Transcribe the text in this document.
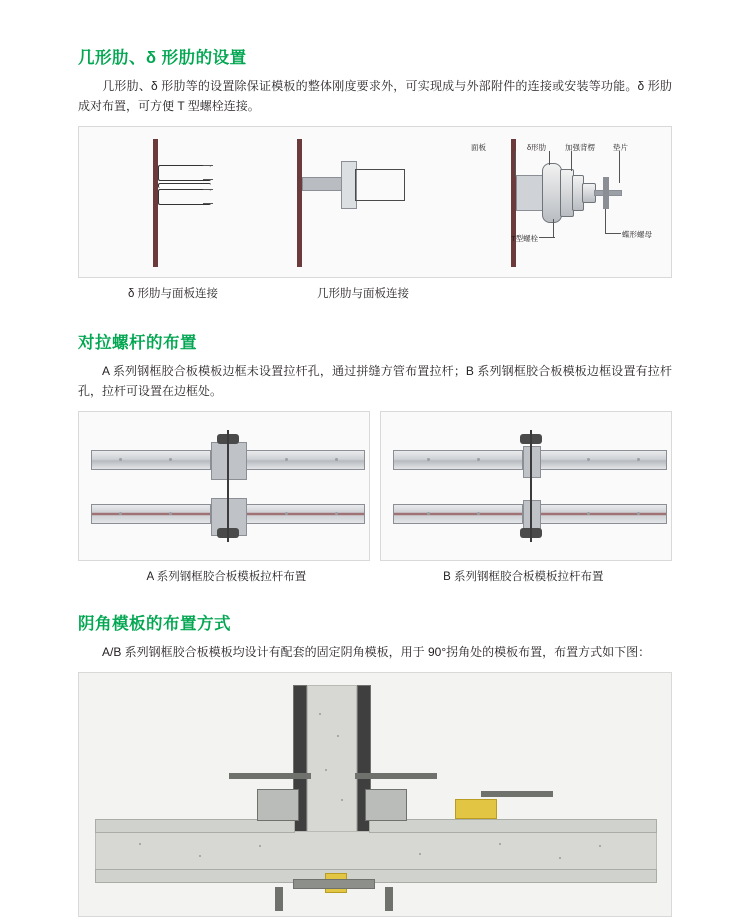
几形肋、δ 形肋的设置

几形肋、δ 形肋等的设置除保证模板的整体刚度要求外，可实现成与外部附件的连接或安装等功能。δ 形肋成对布置，可方便 T 型螺栓连接。

面板	δ形肋	加强背楞 垫片
T型螺栓	蝶形螺母
δ 形肋与面板连接	几形肋与面板连接
对拉螺杆的布置

A 系列钢框胶合板模板边框未设置拉杆孔，通过拼缝方管布置拉杆；B 系列钢框胶合板模板边框设置有拉杆孔，拉杆可设置在边框处。

A 系列钢框胶合板模板拉杆布置	B 系列钢框胶合板模板拉杆布置
阴角模板的布置方式

A/B 系列钢框胶合板模板均设计有配套的固定阴角模板，用于 90°拐角处的模板布置，布置方式如下图：
